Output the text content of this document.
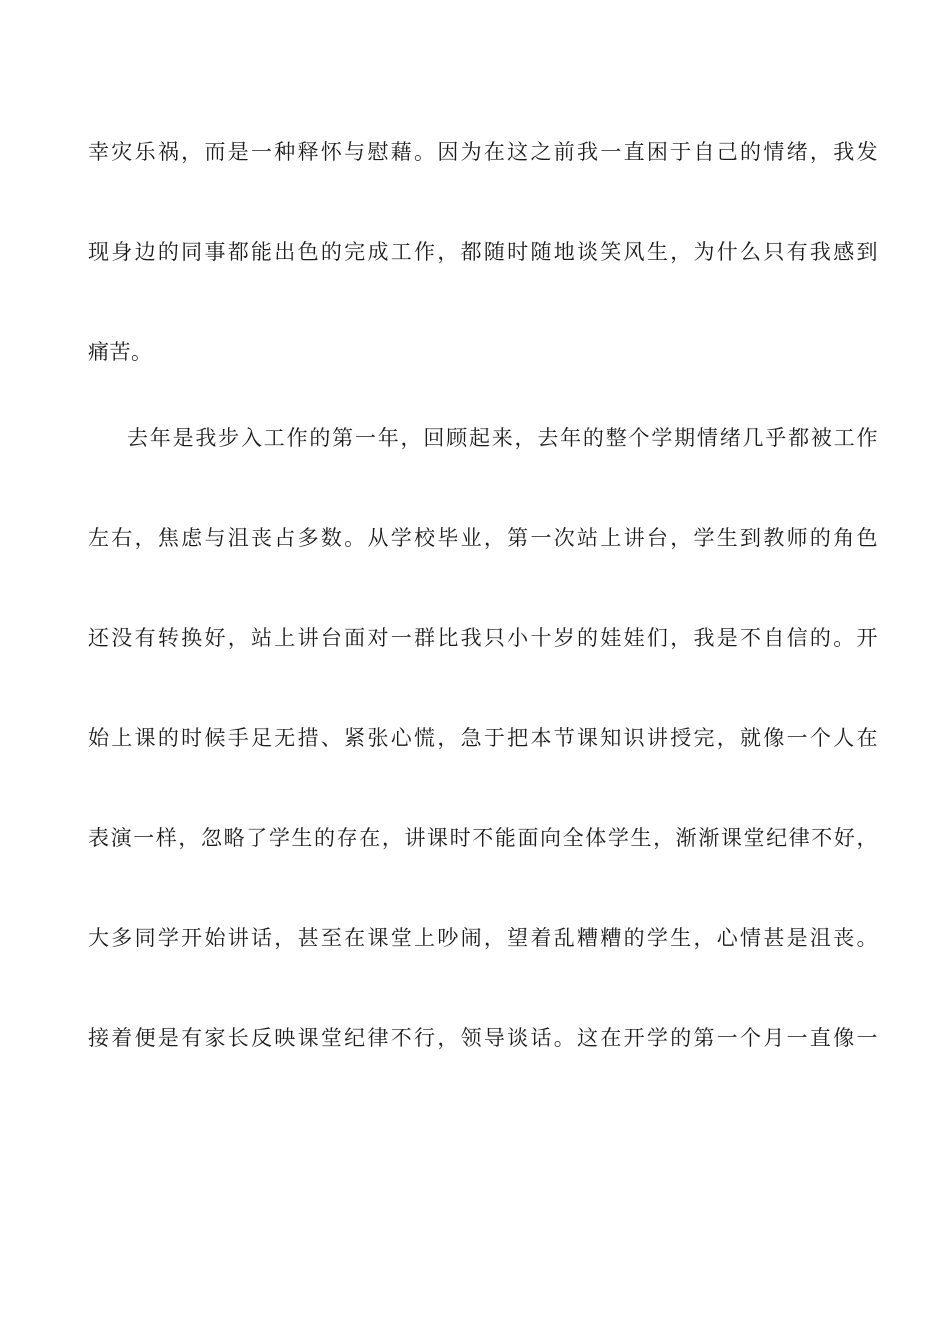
幸灾乐祸，而是一种释怀与慰藉。因为在这之前我一直困于自己的情绪，我发
现身边的同事都能出色的完成工作，都随时随地谈笑风生，为什么只有我感到
痛苦。
去年是我步入工作的第一年，回顾起来，去年的整个学期情绪几乎都被工作
左右，焦虑与沮丧占多数。从学校毕业，第一次站上讲台，学生到教师的角色
还没有转换好，站上讲台面对一群比我只小十岁的娃娃们，我是不自信的。开
始上课的时候手足无措、紧张心慌，急于把本节课知识讲授完，就像一个人在
表演一样，忽略了学生的存在，讲课时不能面向全体学生，渐渐课堂纪律不好，
大多同学开始讲话，甚至在课堂上吵闹，望着乱糟糟的学生，心情甚是沮丧。
接着便是有家长反映课堂纪律不行，领导谈话。这在开学的第一个月一直像一
